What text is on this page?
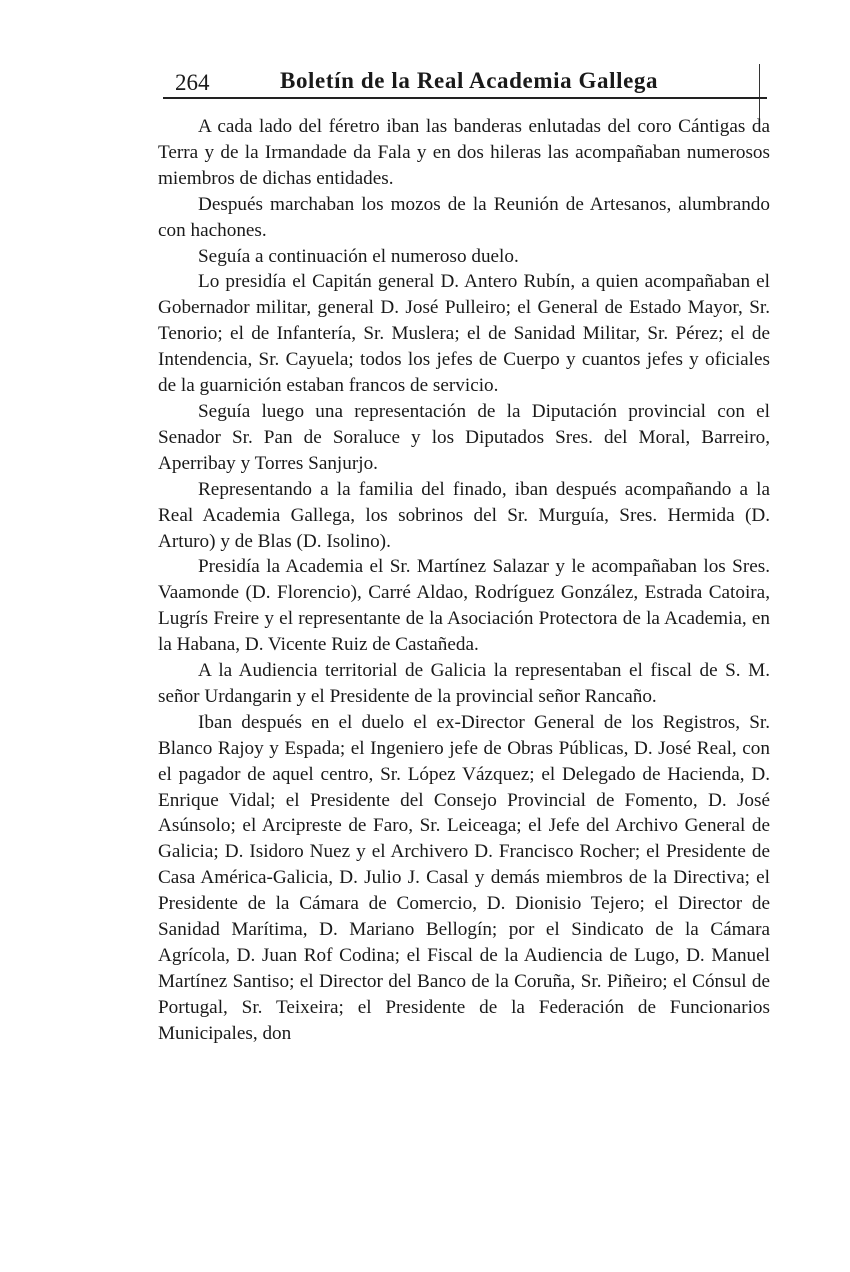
264	Boletín de la Real Academia Gallega

A cada lado del féretro iban las banderas enlutadas del coro Cántigas da Terra y de la Irmandade da Fala y en dos hileras las acompañaban numerosos miembros de dichas entidades.

Después marchaban los mozos de la Reunión de Artesanos, alumbrando con hachones.

Seguía a continuación el numeroso duelo.

Lo presidía el Capitán general D. Antero Rubín, a quien acompañaban el Gobernador militar, general D. José Pulleiro; el General de Estado Mayor, Sr. Tenorio; el de Infantería, Sr. Muslera; el de Sanidad Militar, Sr. Pérez; el de Intendencia, Sr. Cayuela; todos los jefes de Cuerpo y cuantos jefes y oficiales de la guarnición estaban francos de servicio.

Seguía luego una representación de la Diputación provincial con el Senador Sr. Pan de Soraluce y los Diputados Sres. del Moral, Barreiro, Aperribay y Torres Sanjurjo.

Representando a la familia del finado, iban después acompañando a la Real Academia Gallega, los sobrinos del Sr. Murguía, Sres. Hermida (D. Arturo) y de Blas (D. Isolino).

Presidía la Academia el Sr. Martínez Salazar y le acompañaban los Sres. Vaamonde (D. Florencio), Carré Aldao, Rodríguez González, Estrada Catoira, Lugrís Freire y el representante de la Asociación Protectora de la Academia, en la Habana, D. Vicente Ruiz de Castañeda.

A la Audiencia territorial de Galicia la representaban el fiscal de S. M. señor Urdangarin y el Presidente de la provincial señor Rancaño.

Iban después en el duelo el ex-Director General de los Registros, Sr. Blanco Rajoy y Espada; el Ingeniero jefe de Obras Públicas, D. José Real, con el pagador de aquel centro, Sr. López Vázquez; el Delegado de Hacienda, D. Enrique Vidal; el Presidente del Consejo Provincial de Fomento, D. José Asúnsolo; el Arcipreste de Faro, Sr. Leiceaga; el Jefe del Archivo General de Galicia; D. Isidoro Nuez y el Archivero D. Francisco Rocher; el Presidente de Casa América-Galicia, D. Julio J. Casal y demás miembros de la Directiva; el Presidente de la Cámara de Comercio, D. Dionisio Tejero; el Director de Sanidad Marítima, D. Mariano Bellogín; por el Sindicato de la Cámara Agrícola, D. Juan Rof Codina; el Fiscal de la Audiencia de Lugo, D. Manuel Martínez Santiso; el Director del Banco de la Coruña, Sr. Piñeiro; el Cónsul de Portugal, Sr. Teixeira; el Presidente de la Federación de Funcionarios Municipales, don
